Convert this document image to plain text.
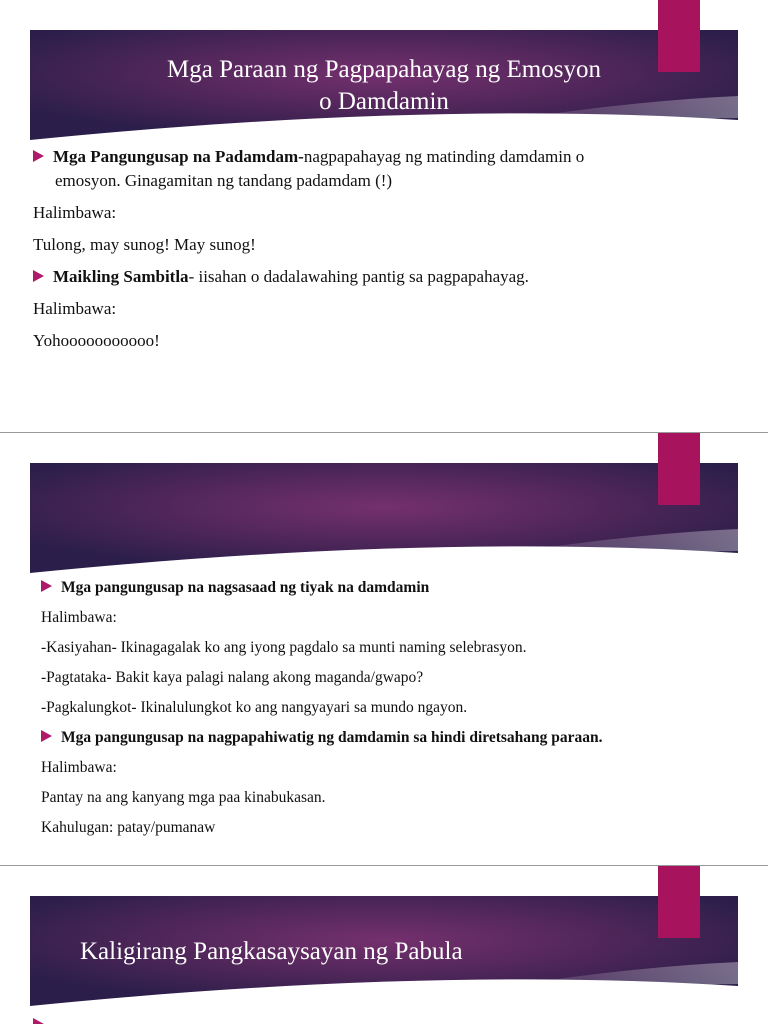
Mga Paraan ng Pagpapahayag ng Emosyon
o Damdamin
Mga Pangungusap na Padamdam-nagpapahayag ng matinding damdamin o
emosyon. Ginagamitan ng tandang padamdam (!)
Halimbawa:
Tulong, may sunog! May sunog!
Maikling Sambitla- iisahan o dadalawahing pantig sa pagpapahayag.
Halimbawa:
Yohooooooooooo!
Mga pangungusap na nagsasaad ng tiyak na damdamin
Halimbawa:
-Kasiyahan- Ikinagagalak ko ang iyong pagdalo sa munti naming selebrasyon.
-Pagtataka- Bakit kaya palagi nalang akong maganda/gwapo?
-Pagkalungkot- Ikinalulungkot ko ang nangyayari sa mundo ngayon.
Mga pangungusap na nagpapahiwatig ng damdamin sa hindi diretsahang paraan.
Halimbawa:
Pantay na ang kanyang mga paa kinabukasan.
Kahulugan: patay/pumanaw
Kaligirang Pangkasaysayan ng Pabula
